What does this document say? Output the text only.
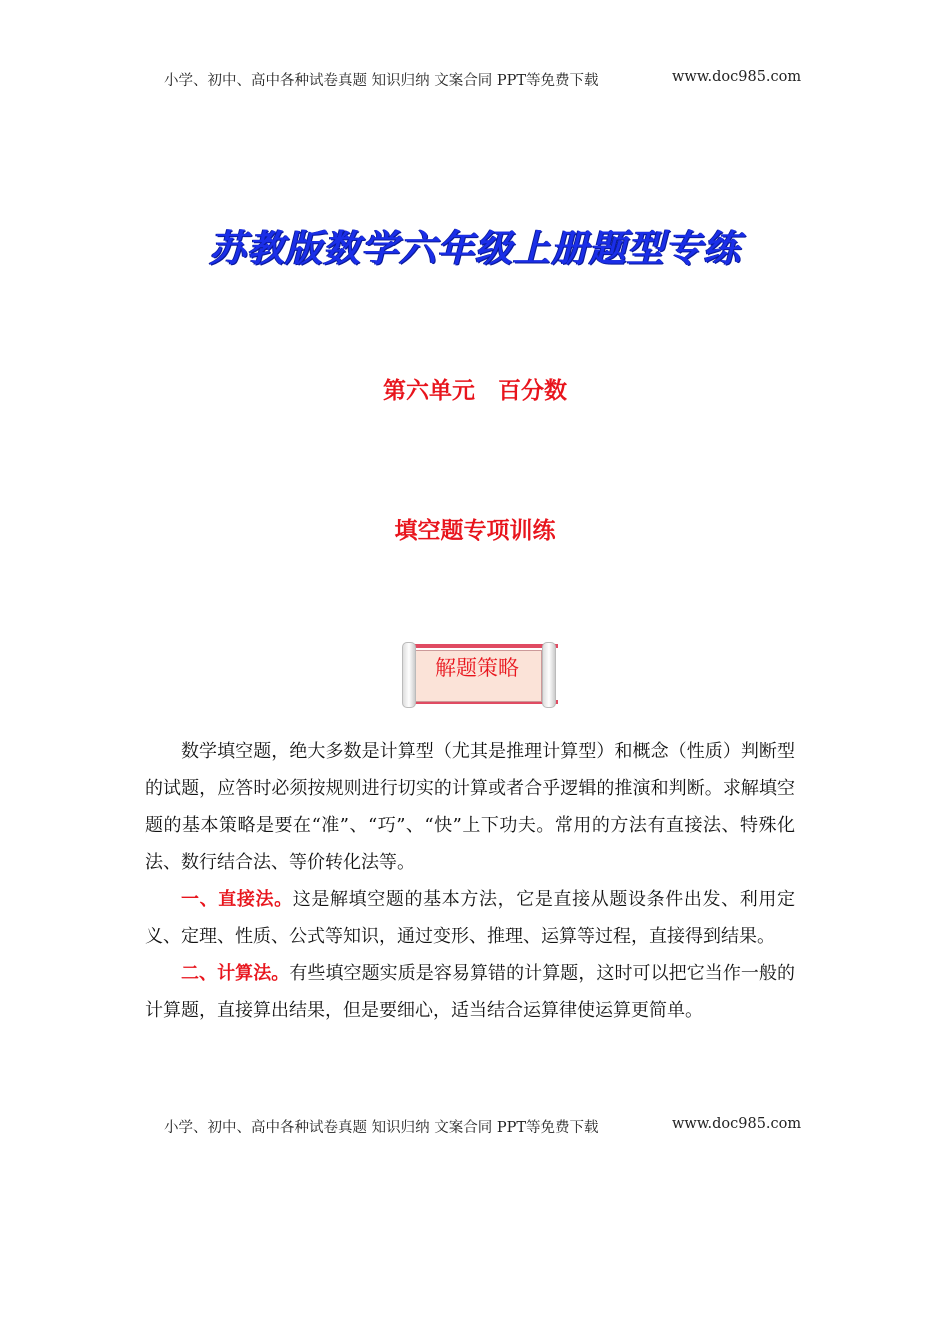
小学、初中、高中各种试卷真题 知识归纳 文案合同 PPT等免费下载	www.doc985.com
苏教版数学六年级上册题型专练
第六单元　百分数
填空题专项训练
解题策略

数学填空题，绝大多数是计算型（尤其是推理计算型）和概念（性质）判断型的试题，应答时必须按规则进行切实的计算或者合乎逻辑的推演和判断。求解填空题的基本策略是要在“准”、“巧”、“快”上下功夫。常用的方法有直接法、特殊化法、数行结合法、等价转化法等。

一、直接法。这是解填空题的基本方法，它是直接从题设条件出发、利用定义、定理、性质、公式等知识，通过变形、推理、运算等过程，直接得到结果。

二、计算法。有些填空题实质是容易算错的计算题，这时可以把它当作一般的计算题，直接算出结果，但是要细心，适当结合运算律使运算更简单。

小学、初中、高中各种试卷真题 知识归纳 文案合同 PPT等免费下载	www.doc985.com
